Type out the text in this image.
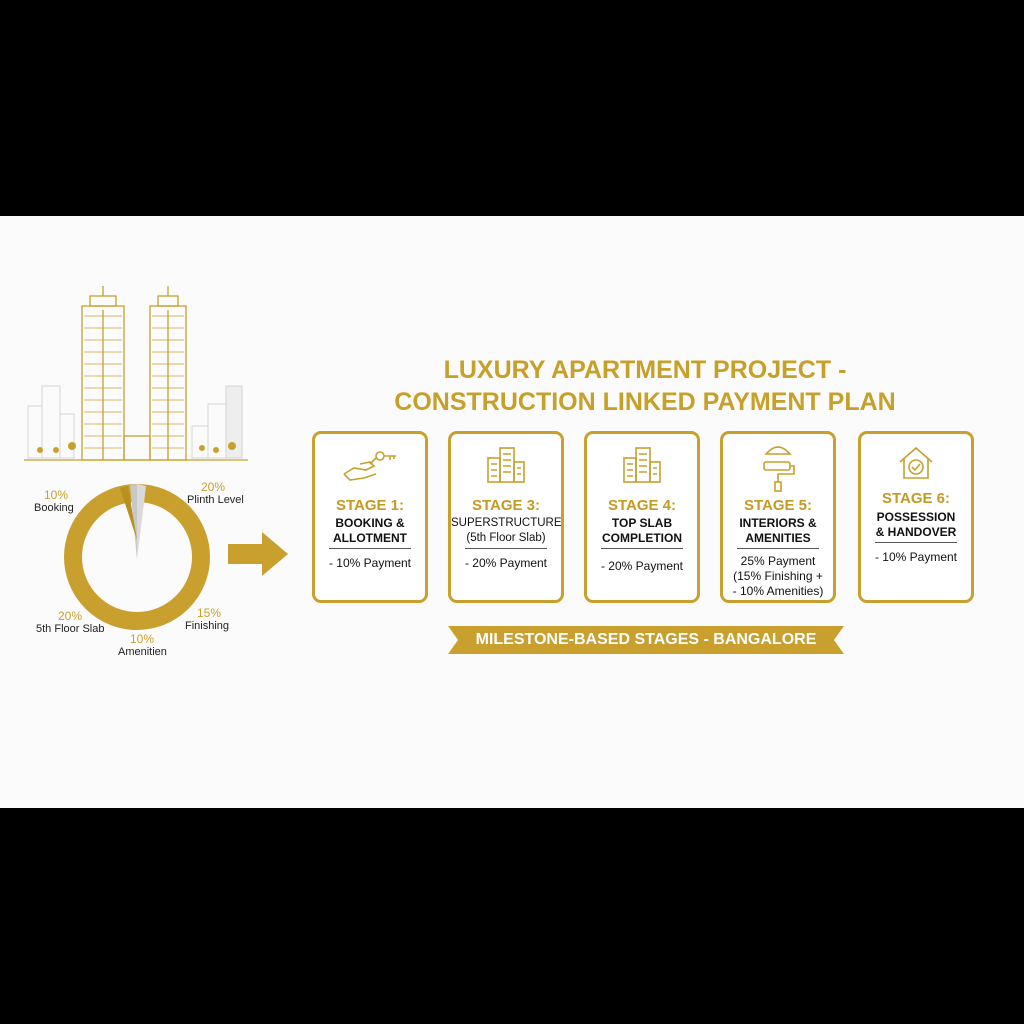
10%
Booking
20%
Plinth Level
20%
5th Floor Slab
15%
Finishing
10%
Amenitien
LUXURY APARTMENT PROJECT -
CONSTRUCTION LINKED PAYMENT PLAN
STAGE 1:
BOOKING &
ALLOTMENT
- 10% Payment
STAGE 3:
SUPERSTRUCTURE
(5th Floor Slab)
- 20% Payment
STAGE 4:
TOP SLAB
COMPLETION
- 20% Payment
STAGE 5:
INTERIORS &
AMENITIES
25% Payment
(15% Finishing +
- 10% Amenities)
STAGE 6:
POSSESSION
& HANDOVER
- 10% Payment
MILESTONE-BASED STAGES - BANGALORE
